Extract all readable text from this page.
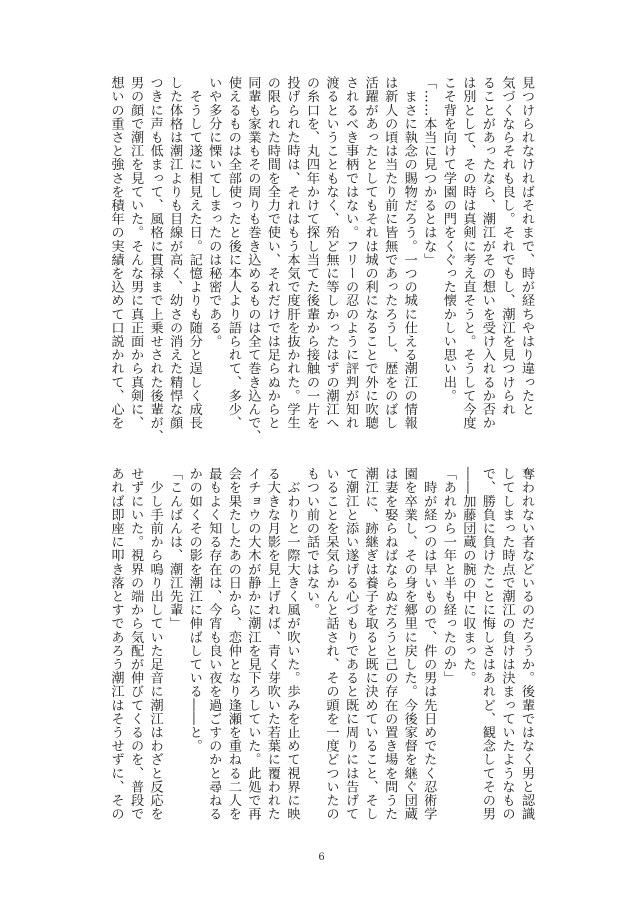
見つけられなければそれまで、時が経ちやはり違ったと
気づくならそれも良し。それでもし、潮江を見つけられ
ることがあったなら、潮江がその想いを受け入れるか否か
は別として、その時は真剣に考え直そうと。そうして今度
こそ背を向けて学園の門をくぐった懐かしい思い出。
「……本当に見つかるとはな」
　まさに執念の賜物だろう。一つの城に仕える潮江の情報
は新人の頃は当たり前に皆無であったろうし、歴をのばし
活躍があったとしてもそれは城の利になることで外に吹聴
されるべき事柄ではない。フリーの忍のように評判が知れ
渡るということもなく、殆ど無に等しかったはずの潮江へ
の糸口を、丸四年かけて探し当てた後輩から接触の一片を
投げられた時は、それはもう本気で度肝を抜かれた。学生
の限られた時間を全力で使い、それだけでは足らぬからと
同輩も家業もその周りも巻き込めるものは全て巻き込んで、
使えるものは全部使ったと後に本人より語られて、多少、
いや多分に慄いてしまったのは秘密である。
　そうして遂に相見えた日。記憶よりも随分と逞しく成長
した体格は潮江よりも目線が高く、幼さの消えた精悍な顔
つきに声も低まって、風格に貫禄まで上乗せされた後輩が、
男の顔で潮江を見ていた。そんな男に真正面から真剣に、
想いの重さと強さを積年の実績を込めて口説かれて、心を
奪われない者などいるのだろうか。後輩ではなく男と認識
してしまった時点で潮江の負けは決まっていたようなもの
で、勝負に負けたことに悔しさはあれど、観念してその男
――加藤団蔵の腕の中に収まった。
「あれから一年と半も経ったのか」
　時が経つのは早いもので、件の男は先日めでたく忍術学
園を卒業し、その身を郷里に戻した。今後家督を継ぐ団蔵
は妻を娶らねばならぬだろうと己の存在の置き場を問うた
潮江に、跡継ぎは養子を取ると既に決めていること、そし
て潮江と添い遂げる心づもりであると既に周りには告げて
いることを呆気らかんと話され、その頭を一度どついたの
もつい前の話ではない。
　ぶわりと一際大きく風が吹いた。歩みを止めて視界に映
る大きな月影を見上げれば、青く芽吹いた若葉に覆われた
イチョウの大木が静かに潮江を見下ろしていた。此処で再
会を果たしたあの日から、恋仲となり逢瀬を重ねる二人を
最もよく知る存在は、今宵も良い夜を過ごすのかと尋ねる
かの如くその影を潮江に伸ばしている――と。
「こんばんは、潮江先輩」
　少し手前から鳴り出していた足音に潮江はわざと反応を
せずにいた。視界の端から気配が伸びてくるのを、普段で
あれば即座に叩き落とすであろう潮江はそうせずに、その
6
